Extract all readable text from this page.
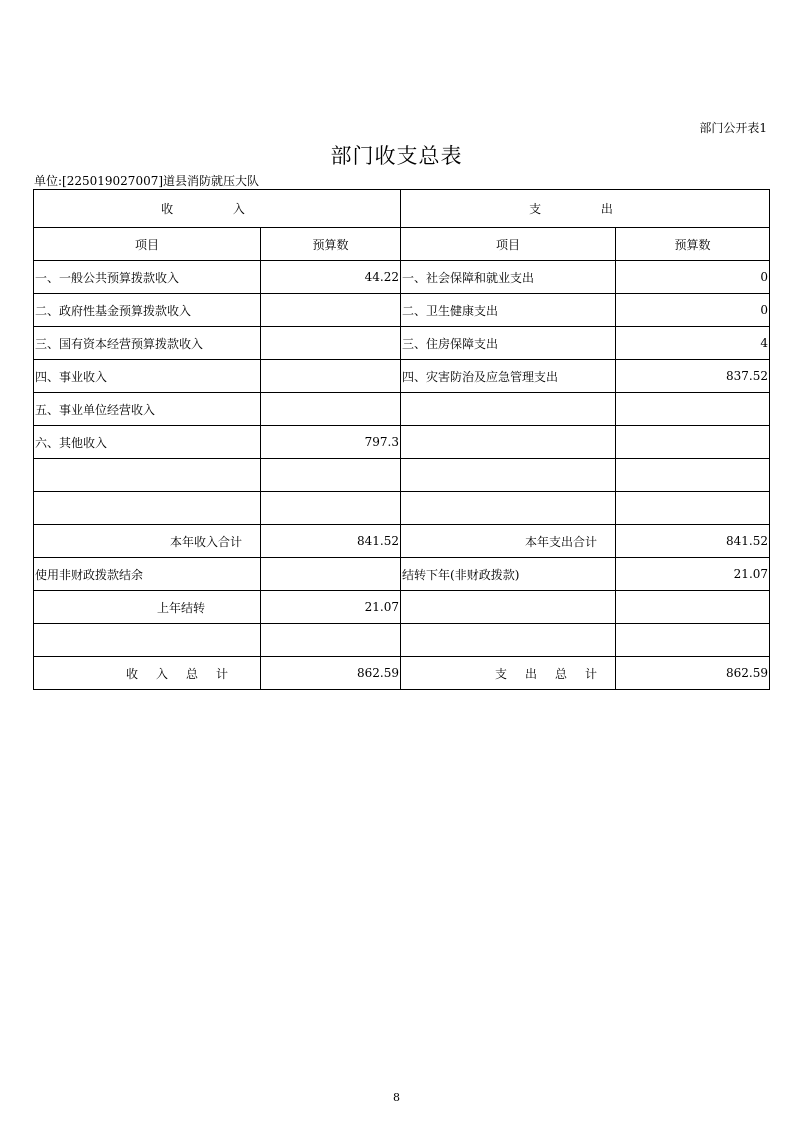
部门公开表1
部门收支总表
单位:[225019027007]道县消防就压大队
收 入		支 出	
项目	预算数	项目	预算数
一、一般公共预算拨款收入	44.22	一、社会保障和就业支出	0
二、政府性基金预算拨款收入		二、卫生健康支出	0
三、国有资本经营预算拨款收入		三、住房保障支出	4
四、事业收入		四、灾害防治及应急管理支出	837.52
五、事业单位经营收入			
六、其他收入	797.3		

本年收入合计	841.52	本年支出合计	841.52
使用非财政拨款结余		结转下年(非财政拨款)	21.07
上年结转	21.07		

收入总计	862.59	支出总计	862.59
8
